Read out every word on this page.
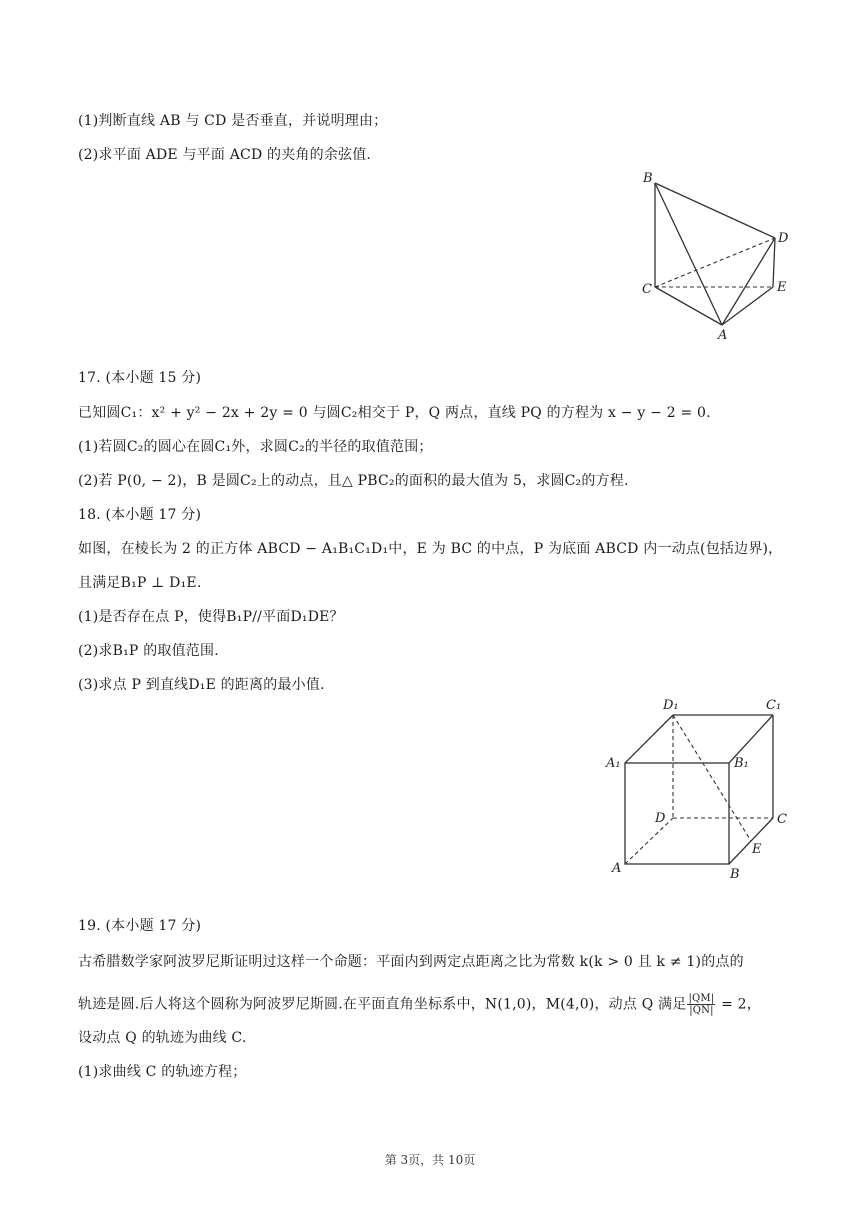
(1)判断直线 AB 与 CD 是否垂直，并说明理由；
(2)求平面 ADE 与平面 ACD 的夹角的余弦值.
B
D
C	E
A
17. (本小题 15 分)
已知圆C₁：x² + y² − 2x + 2y = 0 与圆C₂相交于 P，Q 两点，直线 PQ 的方程为 x − y − 2 = 0.
(1)若圆C₂的圆心在圆C₁外，求圆C₂的半径的取值范围；
(2)若 P(0, − 2)，B 是圆C₂上的动点，且△ PBC₂的面积的最大值为 5，求圆C₂的方程.
18. (本小题 17 分)
如图，在棱长为 2 的正方体 ABCD − A₁B₁C₁D₁中，E 为 BC 的中点，P 为底面 ABCD 内一动点(包括边界)，
且满足B₁P ⊥ D₁E.
(1)是否存在点 P，使得B₁P//平面D₁DE？
(2)求B₁P 的取值范围.
(3)求点 P 到直线D₁E 的距离的最小值.
D₁	C₁
A₁	B₁
D	C
E
A	B
19. (本小题 17 分)
古希腊数学家阿波罗尼斯证明过这样一个命题：平面内到两定点距离之比为常数 k(k > 0 且 k ≠ 1)的点的
轨迹是圆.后人将这个圆称为阿波罗尼斯圆.在平面直角坐标系中，N(1,0)，M(4,0)，动点 Q 满足 $\frac{|QM|}{|QN|} = 2$，
设动点 Q 的轨迹为曲线 C.
(1)求曲线 C 的轨迹方程；
第 3页，共 10页
